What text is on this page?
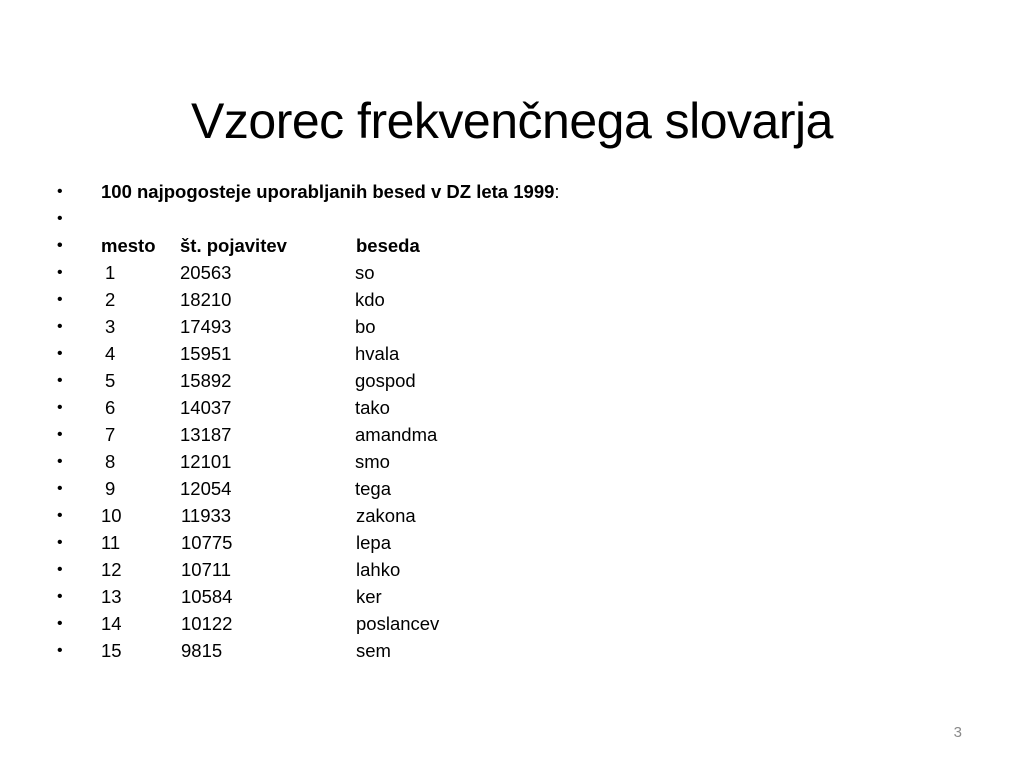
Vzorec frekvenčnega slovarja
•	100 najpogosteje uporabljanih besed v DZ leta 1999:
•
•	mesto št. pojavitev	beseda
•	1	20563	so
•	2	18210	kdo
•	3	17493	bo
•	4	15951	hvala
•	5	15892	gospod
•	6	14037	tako
•	7	13187	amandma
•	8	12101	smo
•	9	12054	tega
•	10	11933	zakona
•	11	10775	lepa
•	12	10711	lahko
•	13	10584	ker
•	14	10122	poslancev
•	15	9815	sem
3
